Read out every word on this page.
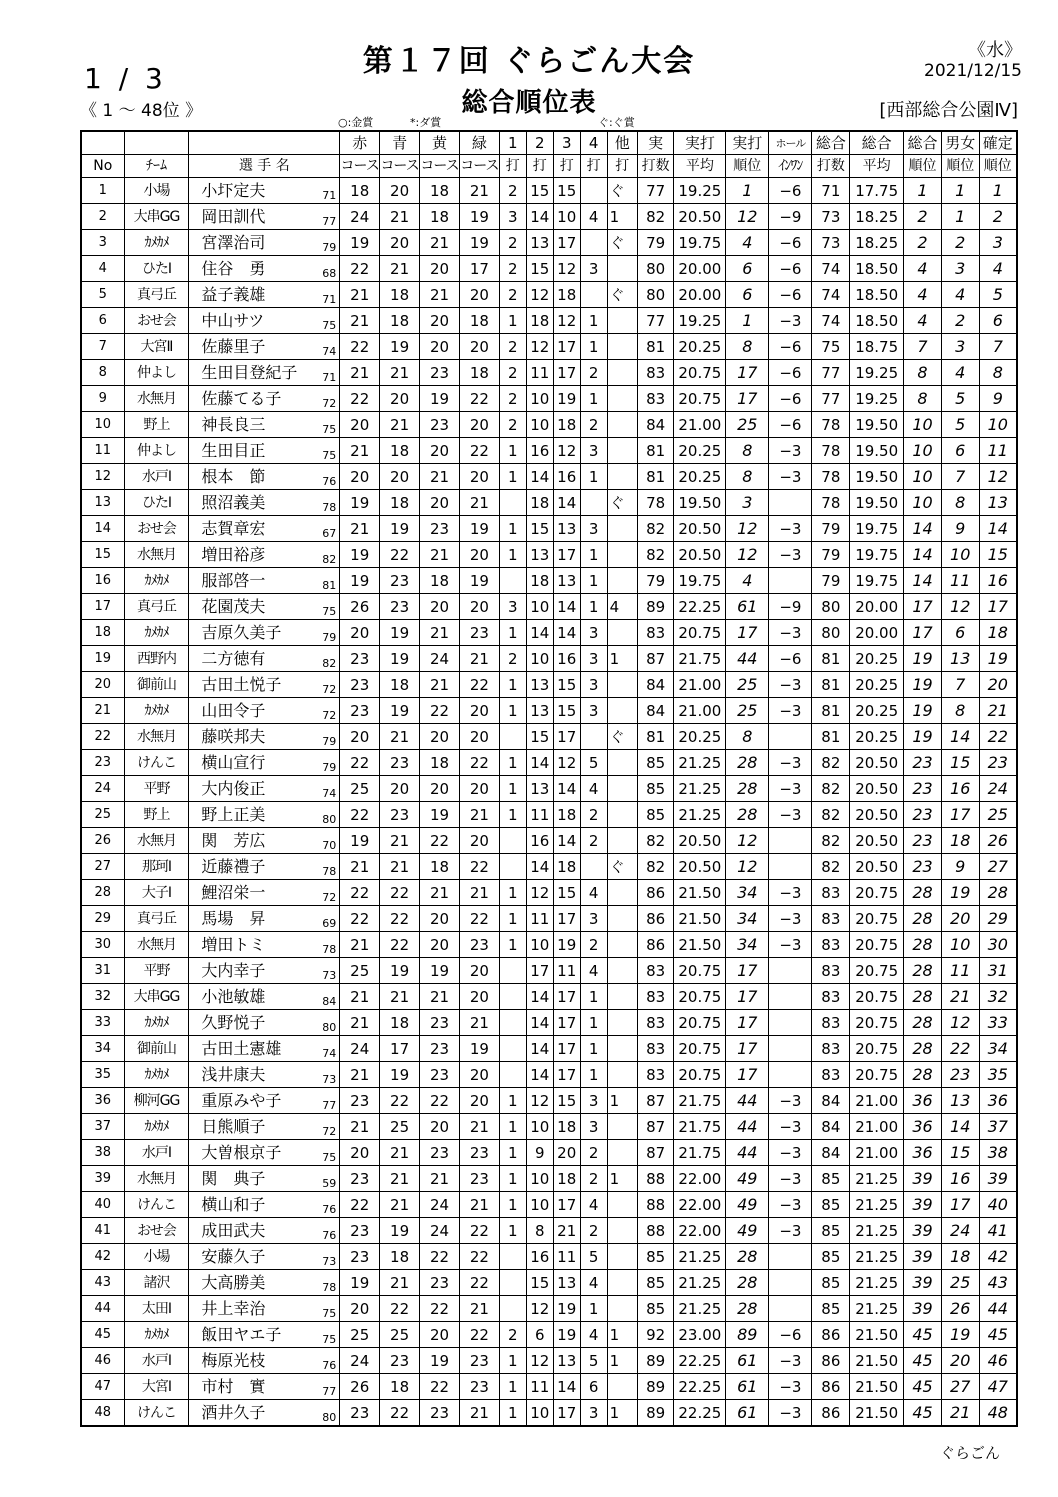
第１７回 ぐらごん大会
総合順位表
1 / 3
《 1 ～ 48位 》
《水》
2021/12/15
[西部総合公園Ⅳ]
○:金賞	*:ダ賞	ぐ:ぐ賞
				赤	青	黄	緑	1	2	3	4	他	実	実打	実打	ホール	総合	総合	総合	男女	確定
No	ﾁｰﾑ	選 手 名		コース	コース	コース	コース	打	打	打	打	打	打数	平均	順位	ｲﾝﾜﾝ	打数	平均	順位	順位	順位
1	小場	小圷定夫	71	18	20	18	21	2	15	15		ぐ	77	19.25	1	−6	71	17.75	1	1	1
2	大串GG	岡田訓代	77	24	21	18	19	3	14	10	4	1	82	20.50	12	−9	73	18.25	2	1	2
3	ｶﾒｶﾒ	宮澤治司	79	19	20	21	19	2	13	17		ぐ	79	19.75	4	−6	73	18.25	2	2	3
4	ひたⅠ	住谷　勇	68	22	21	20	17	2	15	12	3		80	20.00	6	−6	74	18.50	4	3	4
5	真弓丘	益子義雄	71	21	18	21	20	2	12	18		ぐ	80	20.00	6	−6	74	18.50	4	4	5
6	おせ会	中山サツ	75	21	18	20	18	1	18	12	1		77	19.25	1	−3	74	18.50	4	2	6
7	大宮Ⅱ	佐藤里子	74	22	19	20	20	2	12	17	1		81	20.25	8	−6	75	18.75	7	3	7
8	仲よし	生田目登紀子	71	21	21	23	18	2	11	17	2		83	20.75	17	−6	77	19.25	8	4	8
9	水無月	佐藤てる子	72	22	20	19	22	2	10	19	1		83	20.75	17	−6	77	19.25	8	5	9
10	野上	神長良三	75	20	21	23	20	2	10	18	2		84	21.00	25	−6	78	19.50	10	5	10
11	仲よし	生田目正	75	21	18	20	22	1	16	12	3		81	20.25	8	−3	78	19.50	10	6	11
12	水戸Ⅰ	根本　節	76	20	20	21	20	1	14	16	1		81	20.25	8	−3	78	19.50	10	7	12
13	ひたⅠ	照沼義美	78	19	18	20	21		18	14		ぐ	78	19.50	3		78	19.50	10	8	13
14	おせ会	志賀章宏	67	21	19	23	19	1	15	13	3		82	20.50	12	−3	79	19.75	14	9	14
15	水無月	増田裕彦	82	19	22	21	20	1	13	17	1		82	20.50	12	−3	79	19.75	14	10	15
16	ｶﾒｶﾒ	服部啓一	81	19	23	18	19		18	13	1		79	19.75	4		79	19.75	14	11	16
17	真弓丘	花園茂夫	75	26	23	20	20	3	10	14	1	4	89	22.25	61	−9	80	20.00	17	12	17
18	ｶﾒｶﾒ	吉原久美子	79	20	19	21	23	1	14	14	3		83	20.75	17	−3	80	20.00	17	6	18
19	西野内	二方徳有	82	23	19	24	21	2	10	16	3	1	87	21.75	44	−6	81	20.25	19	13	19
20	御前山	古田土悦子	72	23	18	21	22	1	13	15	3		84	21.00	25	−3	81	20.25	19	7	20
21	ｶﾒｶﾒ	山田令子	72	23	19	22	20	1	13	15	3		84	21.00	25	−3	81	20.25	19	8	21
22	水無月	藤咲邦夫	79	20	21	20	20		15	17		ぐ	81	20.25	8		81	20.25	19	14	22
23	けんこ	横山宣行	79	22	23	18	22	1	14	12	5		85	21.25	28	−3	82	20.50	23	15	23
24	平野	大内俊正	74	25	20	20	20	1	13	14	4		85	21.25	28	−3	82	20.50	23	16	24
25	野上	野上正美	80	22	23	19	21	1	11	18	2		85	21.25	28	−3	82	20.50	23	17	25
26	水無月	関　芳広	70	19	21	22	20		16	14	2		82	20.50	12		82	20.50	23	18	26
27	那珂Ⅰ	近藤禮子	78	21	21	18	22		14	18		ぐ	82	20.50	12		82	20.50	23	9	27
28	大子Ⅰ	鯉沼栄一	72	22	22	21	21	1	12	15	4		86	21.50	34	−3	83	20.75	28	19	28
29	真弓丘	馬場　昇	69	22	22	20	22	1	11	17	3		86	21.50	34	−3	83	20.75	28	20	29
30	水無月	増田トミ	78	21	22	20	23	1	10	19	2		86	21.50	34	−3	83	20.75	28	10	30
31	平野	大内幸子	73	25	19	19	20		17	11	4		83	20.75	17		83	20.75	28	11	31
32	大串GG	小池敏雄	84	21	21	21	20		14	17	1		83	20.75	17		83	20.75	28	21	32
33	ｶﾒｶﾒ	久野悦子	80	21	18	23	21		14	17	1		83	20.75	17		83	20.75	28	12	33
34	御前山	古田土憲雄	74	24	17	23	19		14	17	1		83	20.75	17		83	20.75	28	22	34
35	ｶﾒｶﾒ	浅井康夫	73	21	19	23	20		14	17	1		83	20.75	17		83	20.75	28	23	35
36	柳河GG	重原みや子	77	23	22	22	20	1	12	15	3	1	87	21.75	44	−3	84	21.00	36	13	36
37	ｶﾒｶﾒ	日熊順子	72	21	25	20	21	1	10	18	3		87	21.75	44	−3	84	21.00	36	14	37
38	水戸Ⅰ	大曽根京子	75	20	21	23	23	1	9	20	2		87	21.75	44	−3	84	21.00	36	15	38
39	水無月	関　典子	59	23	21	21	23	1	10	18	2	1	88	22.00	49	−3	85	21.25	39	16	39
40	けんこ	横山和子	76	22	21	24	21	1	10	17	4		88	22.00	49	−3	85	21.25	39	17	40
41	おせ会	成田武夫	76	23	19	24	22	1	8	21	2		88	22.00	49	−3	85	21.25	39	24	41
42	小場	安藤久子	73	23	18	22	22		16	11	5		85	21.25	28		85	21.25	39	18	42
43	諸沢	大高勝美	78	19	21	23	22		15	13	4		85	21.25	28		85	21.25	39	25	43
44	太田Ⅰ	井上幸治	75	20	22	22	21		12	19	1		85	21.25	28		85	21.25	39	26	44
45	ｶﾒｶﾒ	飯田ヤエ子	75	25	25	20	22	2	6	19	4	1	92	23.00	89	−6	86	21.50	45	19	45
46	水戸Ⅰ	梅原光枝	76	24	23	19	23	1	12	13	5	1	89	22.25	61	−3	86	21.50	45	20	46
47	大宮Ⅰ	市村　實	77	26	18	22	23	1	11	14	6		89	22.25	61	−3	86	21.50	45	27	47
48	けんこ	酒井久子	80	23	22	23	21	1	10	17	3	1	89	22.25	61	−3	86	21.50	45	21	48
ぐらごん
